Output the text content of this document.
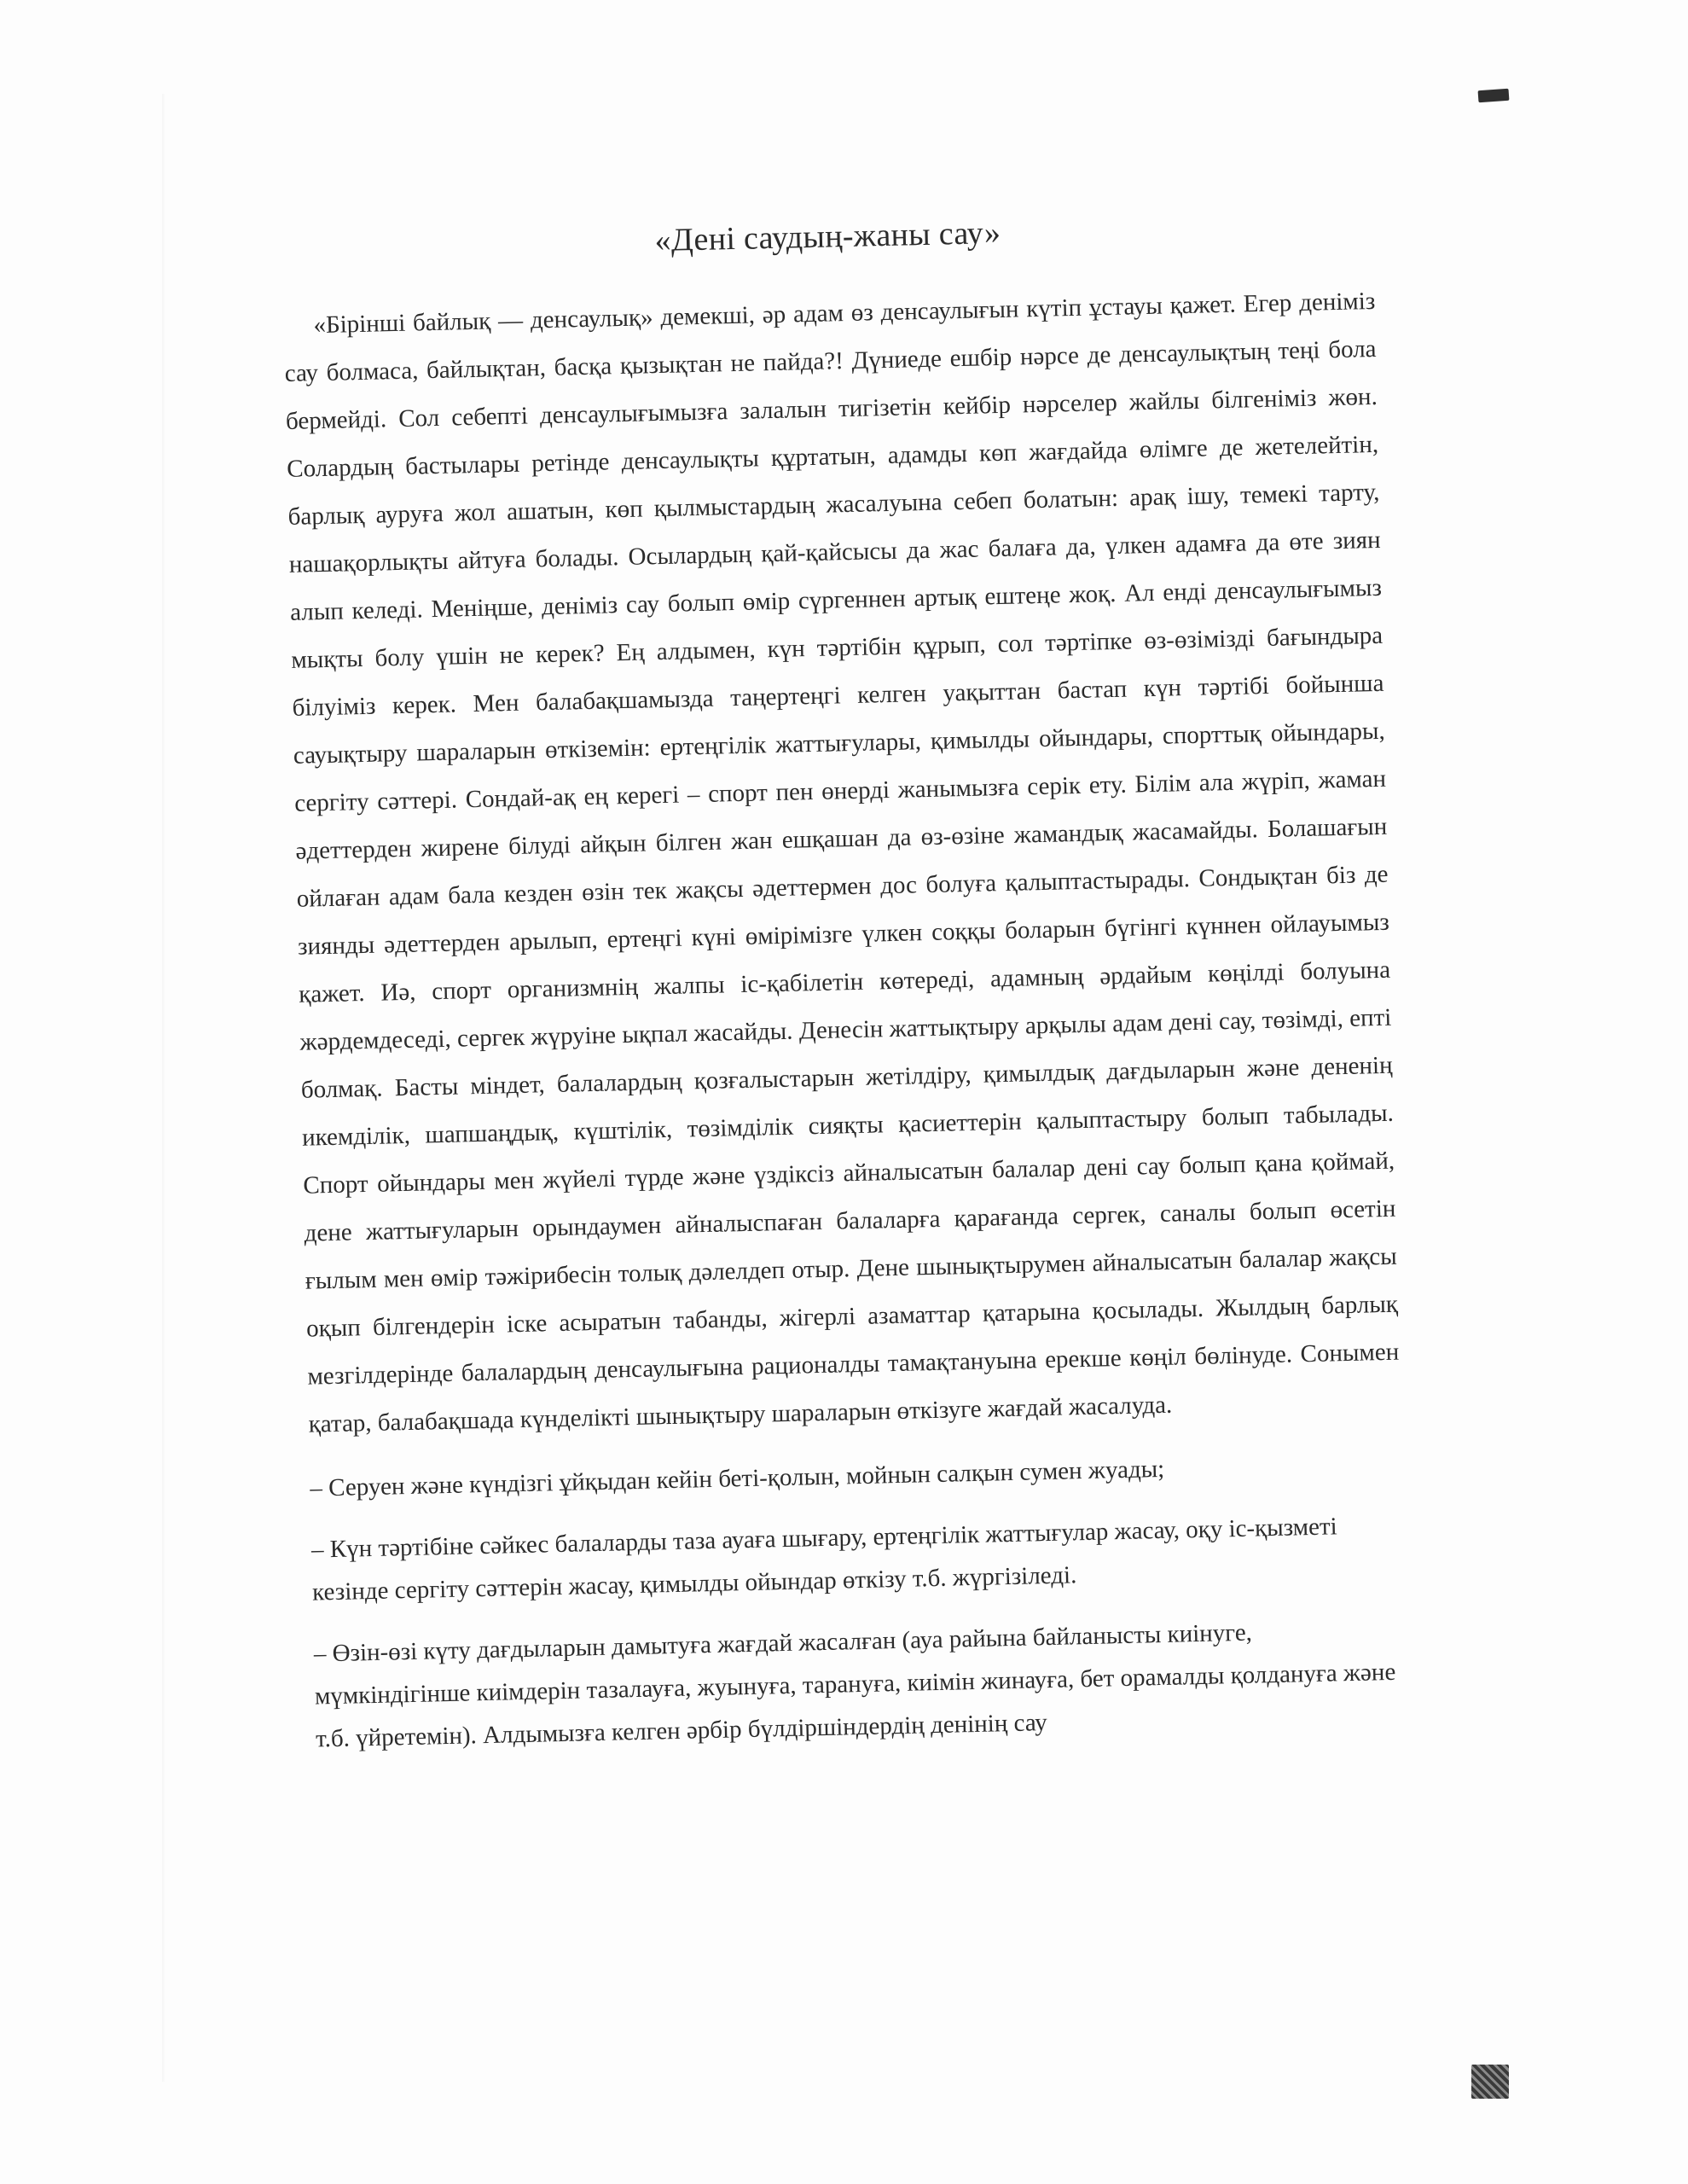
«Дені саудың-жаны сау»

«Бірінші байлық — денсаулық» демекші, әр адам өз денсаулығын күтіп ұстауы қажет. Егер деніміз сау болмаса, байлықтан, басқа қызықтан не пайда?! Дүниеде ешбір нәрсе де денсаулықтың теңі бола бермейді. Сол себепті денсаулығымызға залалын тигізетін кейбір нәрселер жайлы білгеніміз жөн. Солардың бастылары ретінде денсаулықты құртатын, адамды көп жағдайда өлімге де жетелейтін, барлық ауруға жол ашатын, көп қылмыстардың жасалуына себеп болатын: арақ ішу, темекі тарту, нашақорлықты айтуға болады. Осылардың қай-қайсысы да жас балаға да, үлкен адамға да өте зиян алып келеді. Меніңше, деніміз сау болып өмір сүргеннен артық ештеңе жоқ. Ал енді денсаулығымыз мықты болу үшін не керек? Ең алдымен, күн тәртібін құрып, сол тәртіпке өз-өзімізді бағындыра білуіміз керек. Мен балабақшамызда таңертеңгі келген уақыттан бастап күн тәртібі бойынша сауықтыру шараларын өткіземін: ертеңгілік жаттығулары, қимылды ойындары, спорттық ойындары, сергіту сәттері. Сондай-ақ ең керегі – спорт пен өнерді жанымызға серік ету. Білім ала жүріп, жаман әдеттерден жирене білуді айқын білген жан ешқашан да өз-өзіне жамандық жасамайды. Болашағын ойлаған адам бала кезден өзін тек жақсы әдеттермен дос болуға қалыптастырады. Сондықтан біз де зиянды әдеттерден арылып, ертеңгі күні өмірімізге үлкен соққы боларын бүгінгі күннен ойлауымыз қажет. Иә, спорт организмнің жалпы іс-қабілетін көтереді, адамның әрдайым көңілді болуына жәрдемдеседі, сергек жүруіне ықпал жасайды. Денесін жаттықтыру арқылы адам дені сау, төзімді, епті болмақ. Басты міндет, балалардың қозғалыстарын жетілдіру, қимылдық дағдыларын және дененің икемділік, шапшаңдық, күштілік, төзімділік сияқты қасиеттерін қалыптастыру болып табылады. Спорт ойындары мен жүйелі түрде және үздіксіз айналысатын балалар дені сау болып қана қоймай, дене жаттығуларын орындаумен айналыспаған балаларға қарағанда сергек, саналы болып өсетін ғылым мен өмір тәжірибесін толық дәлелдеп отыр. Дене шынықтырумен айналысатын балалар жақсы оқып білгендерін іске асыратын табанды, жігерлі азаматтар қатарына қосылады. Жылдың барлық мезгілдерінде балалардың денсаулығына рационалды тамақтануына ерекше көңіл бөлінуде. Сонымен қатар, балабақшада күнделікті шынықтыру шараларын өткізуге жағдай жасалуда.

– Серуен және күндізгі ұйқыдан кейін беті-қолын, мойнын салқын сумен жуады;

– Күн тәртібіне сәйкес балаларды таза ауаға шығару, ертеңгілік жаттығулар жасау, оқу іс-қызметі кезінде сергіту сәттерін жасау, қимылды ойындар өткізу т.б. жүргізіледі.

– Өзін-өзі күту дағдыларын дамытуға жағдай жасалған (ауа райына байланысты киінуге, мүмкіндігінше киімдерін тазалауға, жуынуға, тарануға, киімін жинауға, бет орамалды қолдануға және т.б. үйретемін). Алдымызға келген әрбір бүлдіршіндердің денінің сау
